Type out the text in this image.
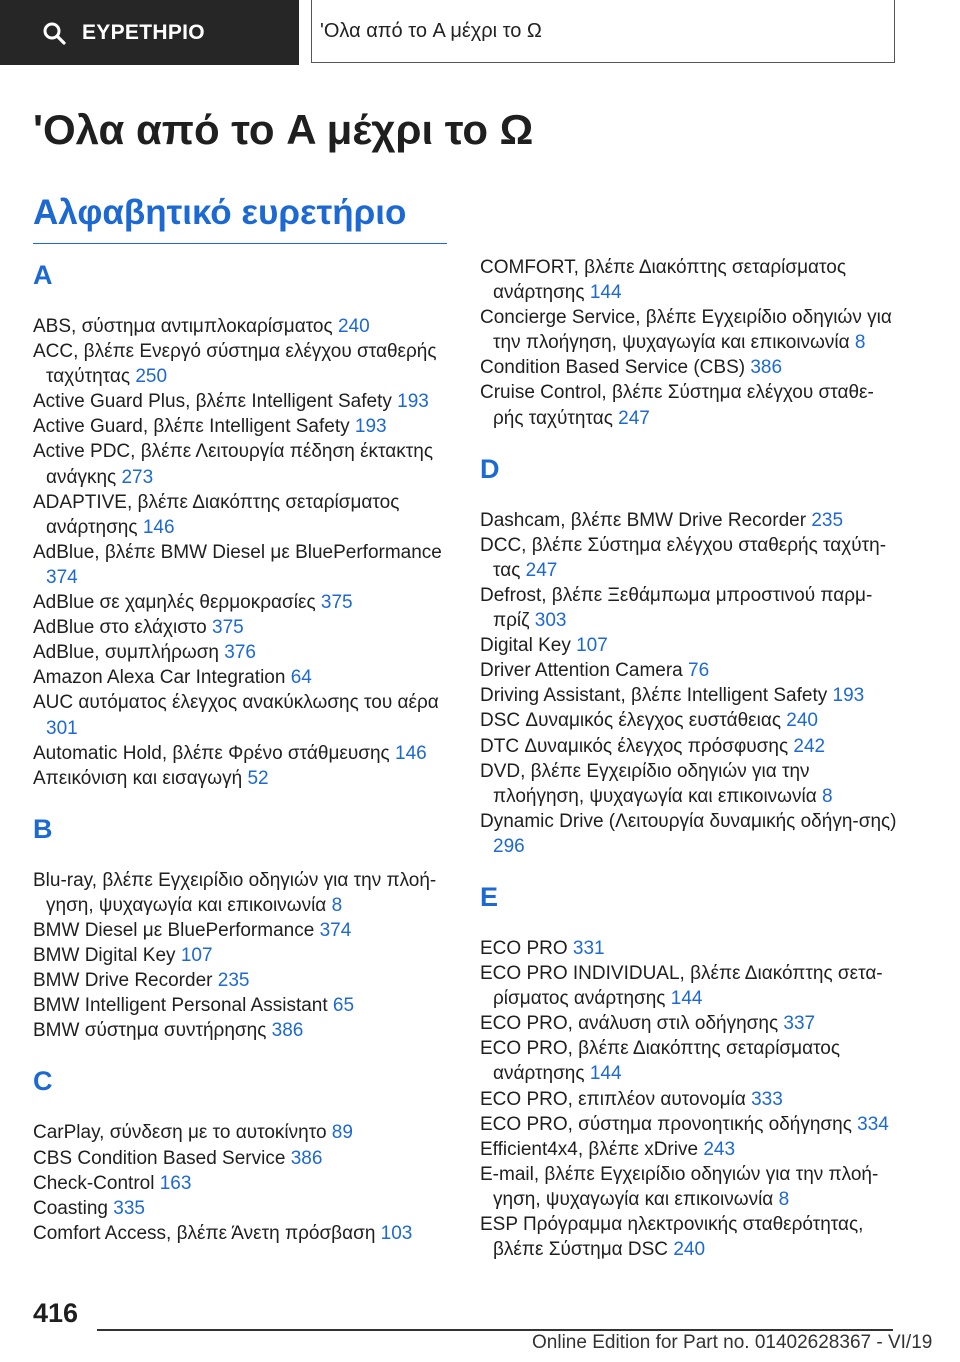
ΕΥΡΕΤΗΡΙΟ	'Ολα από το A μέχρι το Ω
'Ολα από το A μέχρι το Ω
Αλφαβητικό ευρετήριο
A
ABS, σύστημα αντιμπλοκαρίσματος 240
ACC, βλέπε Ενεργό σύστημα ελέγχου σταθερής ταχύτητας 250
Active Guard Plus, βλέπε Intelligent Safety 193
Active Guard, βλέπε Intelligent Safety 193
Active PDC, βλέπε Λειτουργία πέδηση έκτακτης ανάγκης 273
ADAPTIVE, βλέπε Διακόπτης σεταρίσματος ανάρτησης 146
AdBlue, βλέπε BMW Diesel με BluePerformance 374
AdBlue σε χαμηλές θερμοκρασίες 375
AdBlue στο ελάχιστο 375
AdBlue, συμπλήρωση 376
Amazon Alexa Car Integration 64
AUC αυτόματος έλεγχος ανακύκλωσης του αέρα 301
Automatic Hold, βλέπε Φρένο στάθμευσης 146
Απεικόνιση και εισαγωγή 52
B
Blu-ray, βλέπε Εγχειρίδιο οδηγιών για την πλοή-γηση, ψυχαγωγία και επικοινωνία 8
BMW Diesel με BluePerformance 374
BMW Digital Key 107
BMW Drive Recorder 235
BMW Intelligent Personal Assistant 65
BMW σύστημα συντήρησης 386
C
CarPlay, σύνδεση με το αυτοκίνητο 89
CBS Condition Based Service 386
Check-Control 163
Coasting 335
Comfort Access, βλέπε Άνετη πρόσβαση 103
COMFORT, βλέπε Διακόπτης σεταρίσματος ανάρτησης 144
Concierge Service, βλέπε Εγχειρίδιο οδηγιών για την πλοήγηση, ψυχαγωγία και επικοινωνία 8
Condition Based Service (CBS) 386
Cruise Control, βλέπε Σύστημα ελέγχου σταθε-ρής ταχύτητας 247
D
Dashcam, βλέπε BMW Drive Recorder 235
DCC, βλέπε Σύστημα ελέγχου σταθερής ταχύτη-τας 247
Defrost, βλέπε Ξεθάμπωμα μπροστινού παρμ-πρίζ 303
Digital Key 107
Driver Attention Camera 76
Driving Assistant, βλέπε Intelligent Safety 193
DSC Δυναμικός έλεγχος ευστάθειας 240
DTC Δυναμικός έλεγχος πρόσφυσης 242
DVD, βλέπε Εγχειρίδιο οδηγιών για την πλοήγηση, ψυχαγωγία και επικοινωνία 8
Dynamic Drive (Λειτουργία δυναμικής οδήγη-σης) 296
E
ECO PRO 331
ECO PRO INDIVIDUAL, βλέπε Διακόπτης σετα-ρίσματος ανάρτησης 144
ECO PRO, ανάλυση στιλ οδήγησης 337
ECO PRO, βλέπε Διακόπτης σεταρίσματος ανάρτησης 144
ECO PRO, επιπλέον αυτονομία 333
ECO PRO, σύστημα προνοητικής οδήγησης 334
Efficient4x4, βλέπε xDrive 243
E-mail, βλέπε Εγχειρίδιο οδηγιών για την πλοή-γηση, ψυχαγωγία και επικοινωνία 8
ESP Πρόγραμμα ηλεκτρονικής σταθερότητας, βλέπε Σύστημα DSC 240
416
Online Edition for Part no. 01402628367 - VI/19
